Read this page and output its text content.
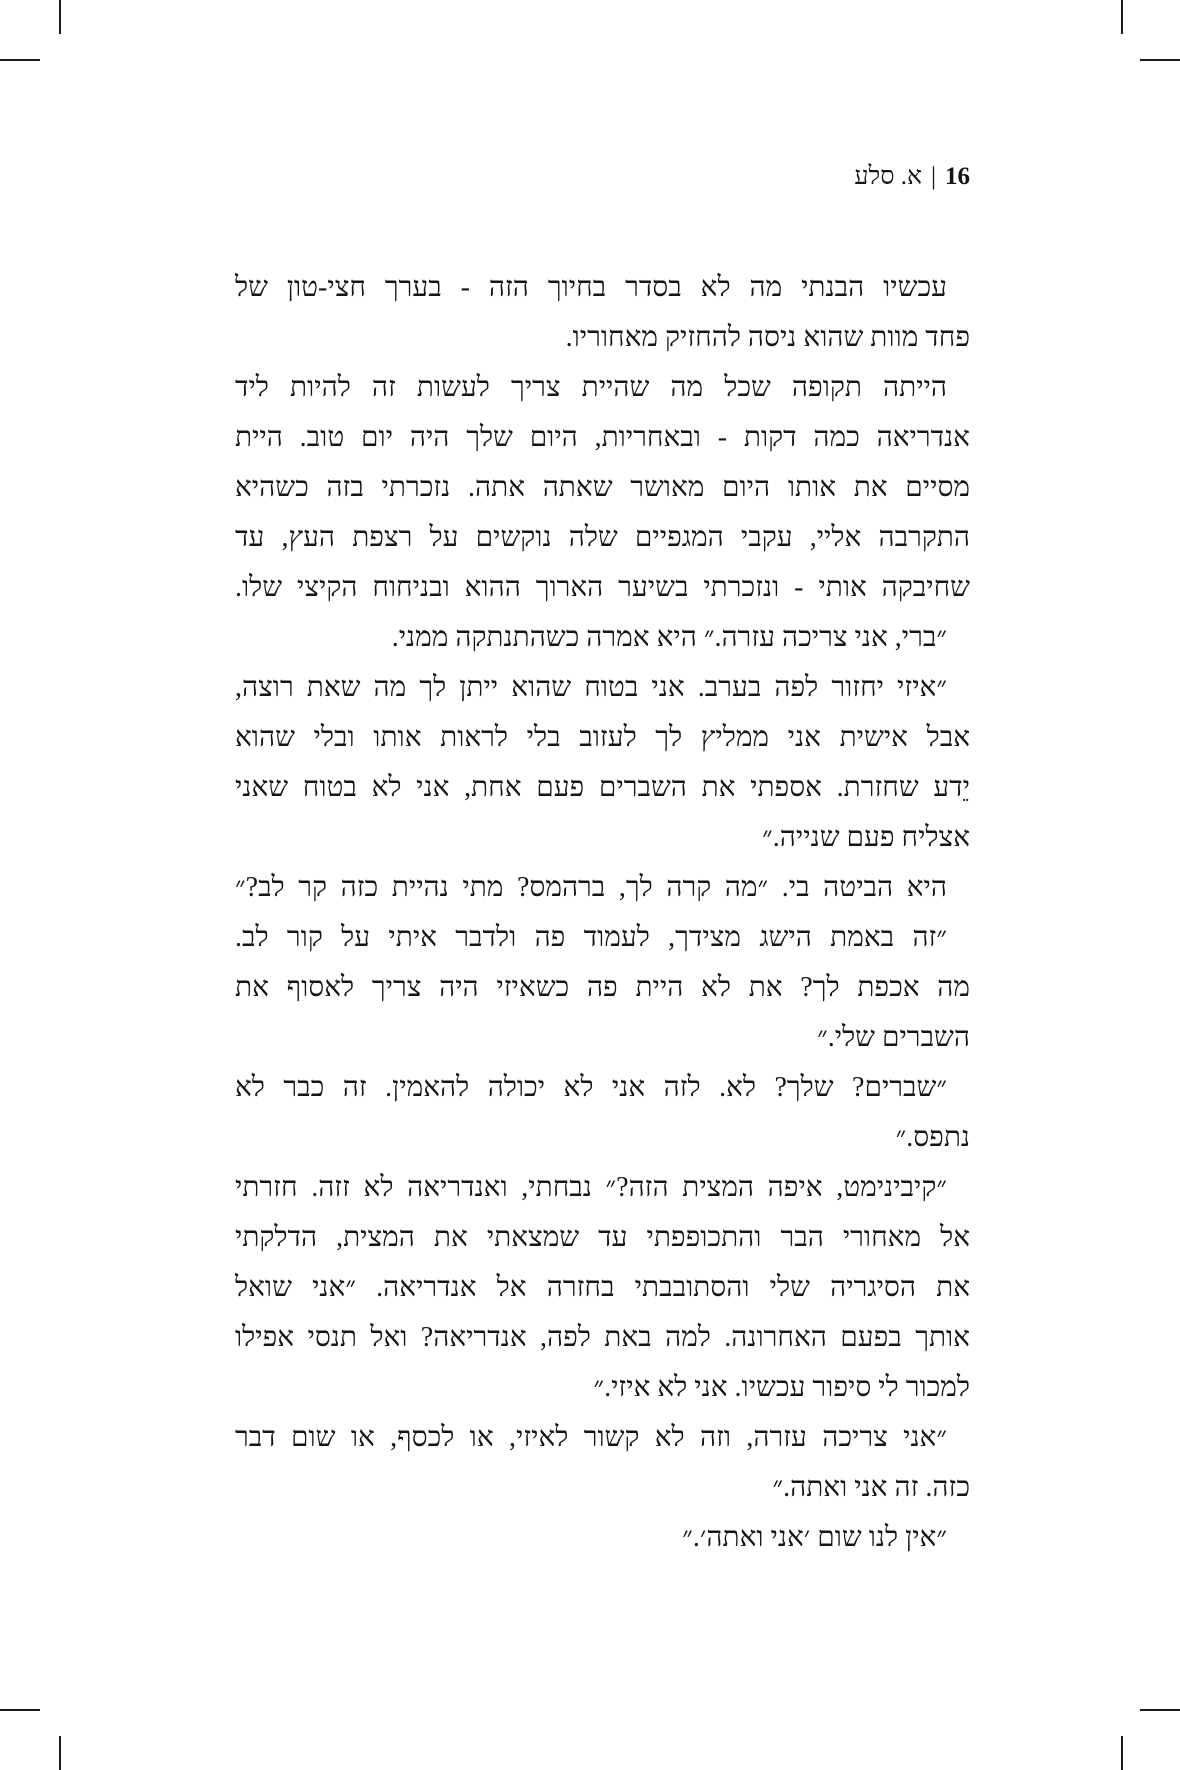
16|א. סלע
עכשיו הבנתי מה לא בסדר בחיוך הזה - בערך חצי-טון של
פחד מוות שהוא ניסה להחזיק מאחוריו.
הייתה תקופה שכל מה שהיית צריך לעשות זה להיות ליד
אנדריאה כמה דקות - ובאחריות, היום שלך היה יום טוב. היית
מסיים את אותו היום מאושר שאתה אתה. נזכרתי בזה כשהיא
התקרבה אליי, עקבי המגפיים שלה נוקשים על רצפת העץ, עד
שחיבקה אותי - ונזכרתי בשיער הארוך ההוא ובניחוח הקיצי שלו.
״ברי, אני צריכה עזרה.״ היא אמרה כשהתנתקה ממני.
״איזי יחזור לפה בערב. אני בטוח שהוא ייתן לך מה שאת רוצה,
אבל אישית אני ממליץ לך לעזוב בלי לראות אותו ובלי שהוא
יֵדע שחזרת. אספתי את השברים פעם אחת, אני לא בטוח שאני
אצליח פעם שנייה.״
היא הביטה בי. ״מה קרה לך, ברהמס? מתי נהיית כזה קר לב?״
״זה באמת הישג מצידך, לעמוד פה ולדבר איתי על קור לב.
מה אכפת לך? את לא היית פה כשאיזי היה צריך לאסוף את
השברים שלי.״
״שברים? שלך? לא. לזה אני לא יכולה להאמין. זה כבר לא
נתפס.״
״קיבינימט, איפה המצית הזה?״ נבחתי, ואנדריאה לא זזה. חזרתי
אל מאחורי הבר והתכופפתי עד שמצאתי את המצית, הדלקתי
את הסיגריה שלי והסתובבתי בחזרה אל אנדריאה. ״אני שואל
אותך בפעם האחרונה. למה באת לפה, אנדריאה? ואל תנסי אפילו
למכור לי סיפור עכשיו. אני לא איזי.״
״אני צריכה עזרה, וזה לא קשור לאיזי, או לכסף, או שום דבר
כזה. זה אני ואתה.״
״אין לנו שום ׳אני ואתה׳.״
